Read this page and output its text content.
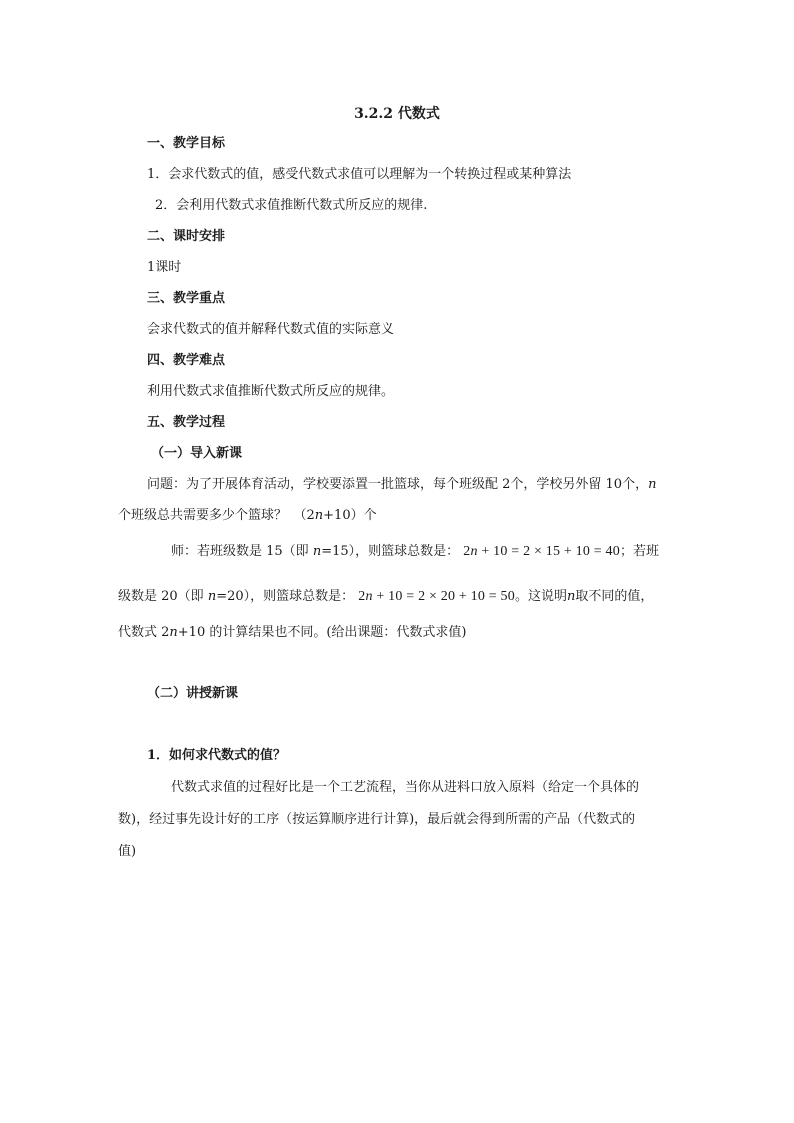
3.2.2 代数式
一、教学目标
1．会求代数式的值，感受代数式求值可以理解为一个转换过程或某种算法
2．会利用代数式求值推断代数式所反应的规律.
二、课时安排
1课时
三、教学重点
会求代数式的值并解释代数式值的实际意义
四、教学难点
利用代数式求值推断代数式所反应的规律。
五、教学过程
（一）导入新课
问题：为了开展体育活动，学校要添置一批篮球，每个班级配 2个，学校另外留 10个，n
个班级总共需要多少个篮球？　（2n+10）个
师：若班级数是 15（即 n=15），则篮球总数是： 2n + 10 = 2 × 15 + 10 = 40；若班
级数是 20（即 n=20），则篮球总数是： 2n + 10 = 2 × 20 + 10 = 50。这说明n取不同的值，
代数式 2n+10 的计算结果也不同。(给出课题：代数式求值)
（二）讲授新课
1．如何求代数式的值？
代数式求值的过程好比是一个工艺流程，当你从进料口放入原料（给定一个具体的
数)，经过事先设计好的工序（按运算顺序进行计算)，最后就会得到所需的产品（代数式的
值)
